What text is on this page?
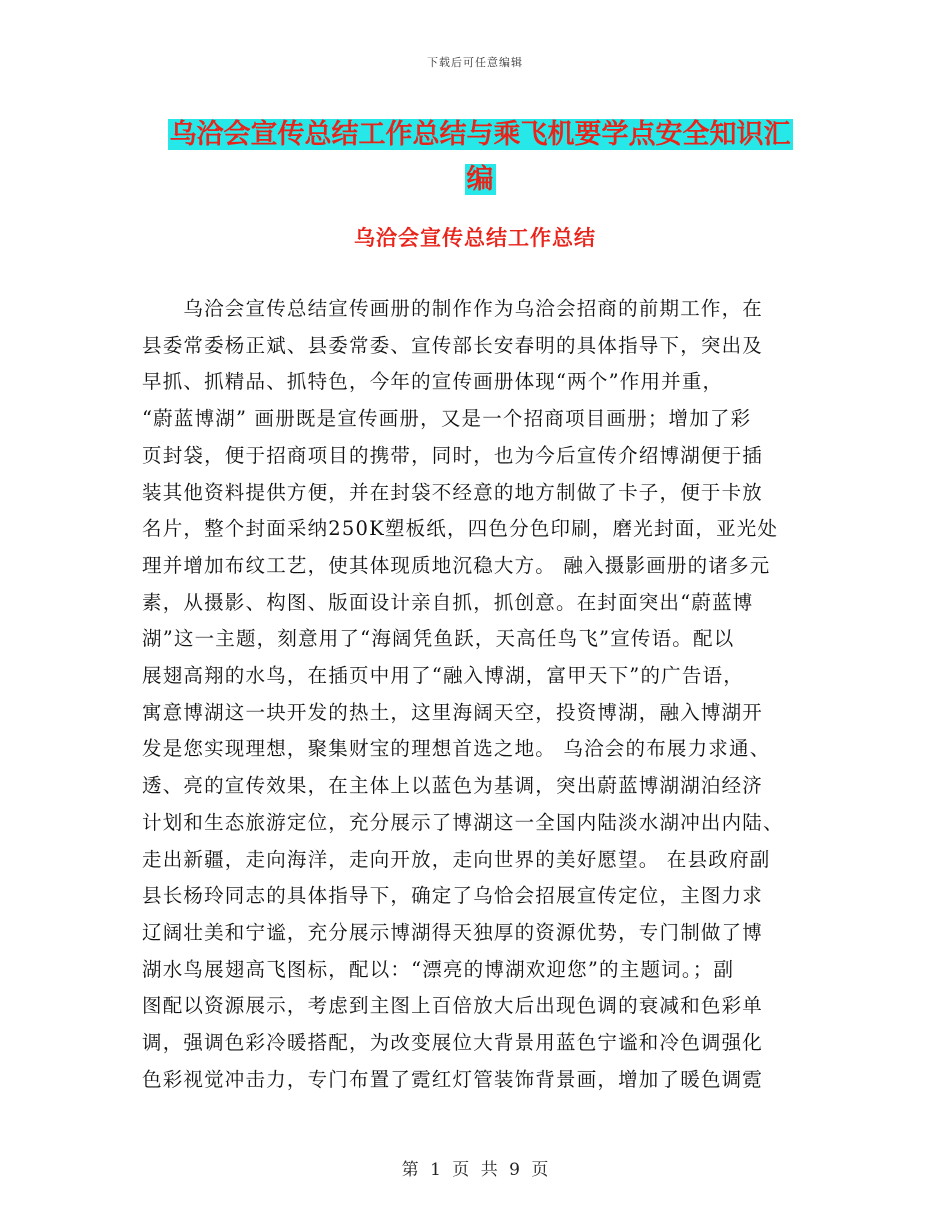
下载后可任意编辑
乌洽会宣传总结工作总结与乘飞机要学点安全知识汇
编
乌洽会宣传总结工作总结
　　乌洽会宣传总结宣传画册的制作作为乌洽会招商的前期工作，在
县委常委杨正斌、县委常委、宣传部长安春明的具体指导下，突出及
早抓、抓精品、抓特色，今年的宣传画册体现“两个”作用并重，
“蔚蓝博湖” 画册既是宣传画册，又是一个招商项目画册；增加了彩
页封袋，便于招商项目的携带，同时，也为今后宣传介绍博湖便于插
装其他资料提供方便，并在封袋不经意的地方制做了卡子，便于卡放
名片，整个封面采纳250K塑板纸，四色分色印刷，磨光封面，亚光处
理并增加布纹工艺，使其体现质地沉稳大方。 融入摄影画册的诸多元
素，从摄影、构图、版面设计亲自抓，抓创意。在封面突出“蔚蓝博
湖”这一主题，刻意用了“海阔凭鱼跃，天高任鸟飞”宣传语。配以
展翅高翔的水鸟，在插页中用了“融入博湖，富甲天下”的广告语，
寓意博湖这一块开发的热土，这里海阔天空，投资博湖，融入博湖开
发是您实现理想，聚集财宝的理想首选之地。 乌洽会的布展力求通、
透、亮的宣传效果，在主体上以蓝色为基调，突出蔚蓝博湖湖泊经济
计划和生态旅游定位，充分展示了博湖这一全国内陆淡水湖冲出内陆、
走出新疆，走向海洋，走向开放，走向世界的美好愿望。 在县政府副
县长杨玲同志的具体指导下，确定了乌恰会招展宣传定位，主图力求
辽阔壮美和宁谧，充分展示博湖得天独厚的资源优势，专门制做了博
湖水鸟展翅高飞图标，配以：“漂亮的博湖欢迎您”的主题词。；副
图配以资源展示，考虑到主图上百倍放大后出现色调的衰减和色彩单
调，强调色彩冷暖搭配，为改变展位大背景用蓝色宁谧和冷色调强化
色彩视觉冲击力，专门布置了霓红灯管装饰背景画，增加了暖色调霓
第 1 页 共 9 页
